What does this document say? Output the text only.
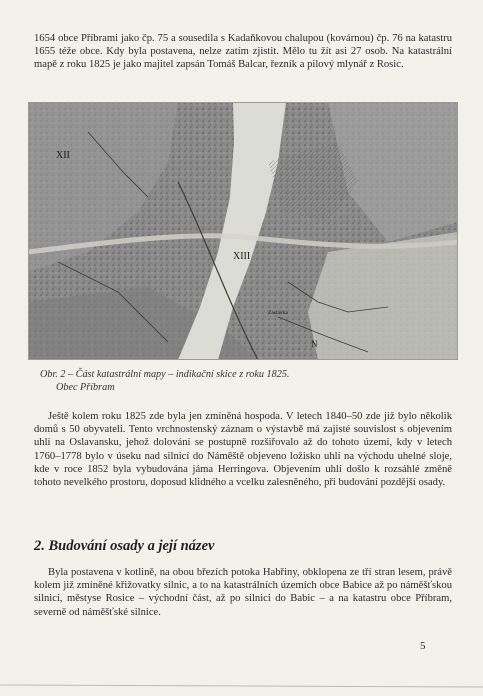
1654 obce Příbrami jako čp. 75 a sousedila s Kadaňkovou chalupou (kovárnou) čp. 76 na katastru 1655 téže obce. Kdy byla postavena, nelze zatím zjistit. Mělo tu žít asi 27 osob. Na katastrální mapě z roku 1825 je jako majitel zapsán Tomáš Balcar, řezník a pilový mlynář z Rosic.

XII
XIII
N
Zastávka
Obr. 2 – Část katastrální mapy – indikační skice z roku 1825.
Obec Příbram

Ještě kolem roku 1825 zde byla jen zmíněná hospoda. V letech 1840–50 zde již bylo několik domů s 50 obyvateli. Tento vrchnostenský záznam o výstavbě má zajisté souvislost s objevením uhlí na Oslavansku, jehož dolování se postupně rozšiřovalo až do tohoto území, kdy v letech 1760–1778 bylo v úseku nad silnicí do Náměště objeveno ložisko uhlí na východu uhelné sloje, kde v roce 1852 byla vybudována jáma Herringova. Objevením uhlí došlo k rozsáhlé změně tohoto nevelkého prostoru, doposud klidného a vcelku zalesněného, při budování pozdější osady.

2. Budování osady a její název

Byla postavena v kotlině, na obou březích potoka Habřiny, obklopena ze tří stran lesem, právě kolem již zmíněné křižovatky silnic, a to na katastrálních územích obce Babice až po náměšťskou silnici, městyse Rosice – východní část, až po silnici do Babic – a na katastru obce Příbram, severně od náměšťské silnice.

5
